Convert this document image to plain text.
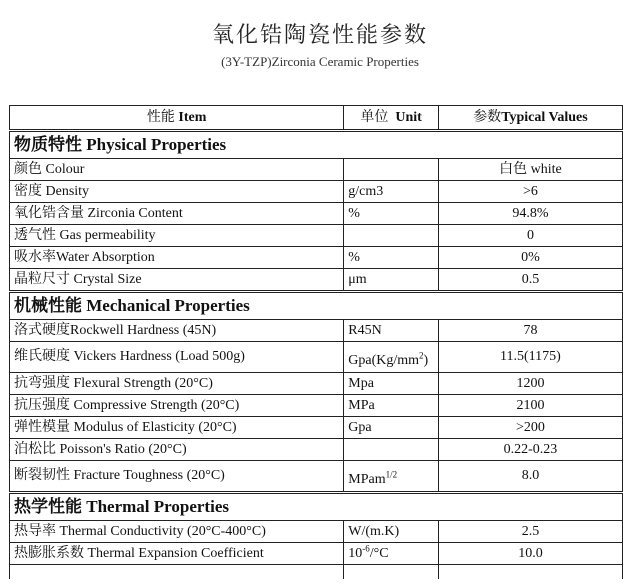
氧化锆陶瓷性能参数
(3Y-TZP)Zirconia Ceramic Properties
性能 Item	单位 Unit	参数Typical Values
物质特性 Physical Properties		
颜色 Colour		白色 white
密度 Density	g/cm3	>6
氧化锆含量 Zirconia Content	%	94.8%
透气性 Gas permeability		0
吸水率Water Absorption	%	0%
晶粒尺寸 Crystal Size	μm	0.5
机械性能 Mechanical Properties		
洛式硬度Rockwell Hardness (45N)	R45N	78
维氏硬度 Vickers Hardness (Load 500g)	$Gpa(Kg/mm^2)$	11.5(1175)
抗弯强度 Flexural Strength (20°C)	Mpa	1200
抗压强度 Compressive Strength (20°C)	MPa	2100
弹性模量 Modulus of Elasticity (20°C)	Gpa	>200
泊松比 Poisson's Ratio (20°C)		0.22-0.23
断裂韧性 Fracture Toughness (20°C)	MPam$^{1/2}$	8.0
热学性能 Thermal Properties		
热导率 Thermal Conductivity (20°C-400°C)	W/(m.K)	2.5
热膨胀系数 Thermal Expansion Coefficient	$10^{-6}/^\circ C$	10.0
